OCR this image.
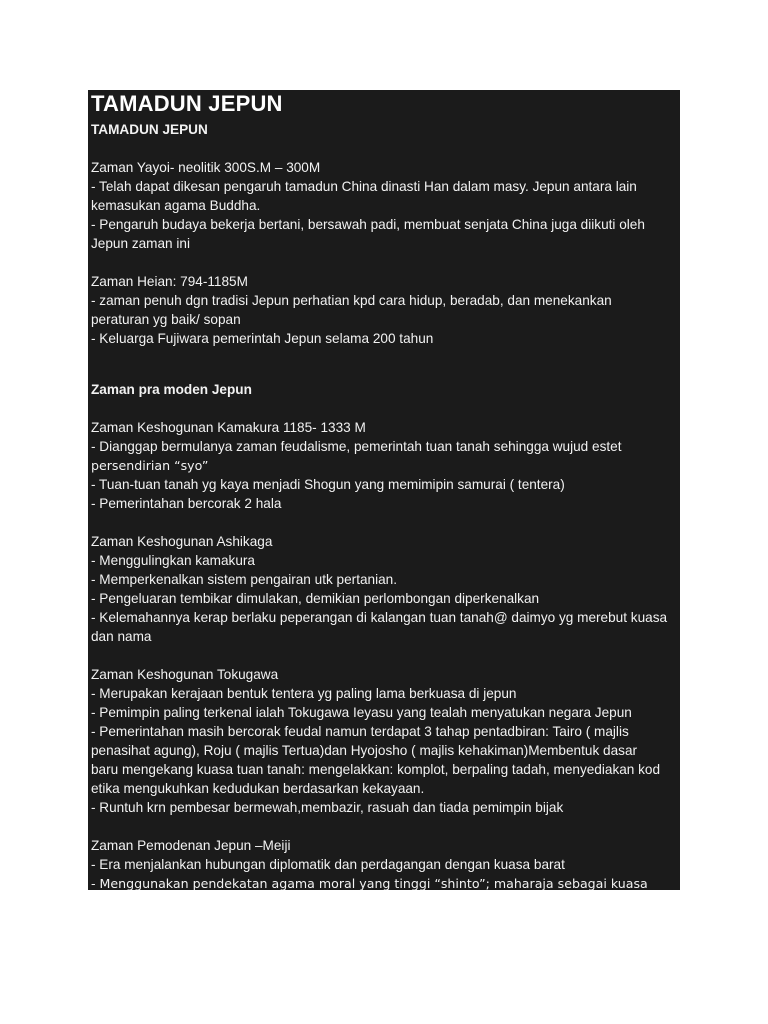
TAMADUN JEPUN
TAMADUN JEPUN
Zaman Yayoi- neolitik 300S.M – 300M
- Telah dapat dikesan pengaruh tamadun China dinasti Han dalam masy. Jepun antara lain
kemasukan agama Buddha.
- Pengaruh budaya bekerja bertani, bersawah padi, membuat senjata China juga diikuti oleh
Jepun zaman ini
Zaman Heian: 794-1185M
- zaman penuh dgn tradisi Jepun perhatian kpd cara hidup, beradab, dan menekankan
peraturan yg baik/ sopan
- Keluarga Fujiwara pemerintah Jepun selama 200 tahun
Zaman pra moden Jepun
Zaman Keshogunan Kamakura 1185- 1333 M
- Dianggap bermulanya zaman feudalisme, pemerintah tuan tanah sehingga wujud estet
persendirian “syo”
- Tuan-tuan tanah yg kaya menjadi Shogun yang memimipin samurai ( tentera)
- Pemerintahan bercorak 2 hala
Zaman Keshogunan Ashikaga
- Menggulingkan kamakura
- Memperkenalkan sistem pengairan utk pertanian.
- Pengeluaran tembikar dimulakan, demikian perlombongan diperkenalkan
- Kelemahannya kerap berlaku peperangan di kalangan tuan tanah@ daimyo yg merebut kuasa
dan nama
Zaman Keshogunan Tokugawa
- Merupakan kerajaan bentuk tentera yg paling lama berkuasa di jepun
- Pemimpin paling terkenal ialah Tokugawa Ieyasu yang tealah menyatukan negara Jepun
- Pemerintahan masih bercorak feudal namun terdapat 3 tahap pentadbiran: Tairo ( majlis
penasihat agung), Roju ( majlis Tertua)dan Hyojosho ( majlis kehakiman)Membentuk dasar
baru mengekang kuasa tuan tanah: mengelakkan: komplot, berpaling tadah, menyediakan kod
etika mengukuhkan kedudukan berdasarkan kekayaan.
- Runtuh krn pembesar bermewah,membazir, rasuah dan tiada pemimpin bijak
Zaman Pemodenan Jepun –Meiji
- Era menjalankan hubungan diplomatik dan perdagangan dengan kuasa barat
- Menggunakan pendekatan agama moral yang tinggi “shinto”; maharaja sebagai kuasa
